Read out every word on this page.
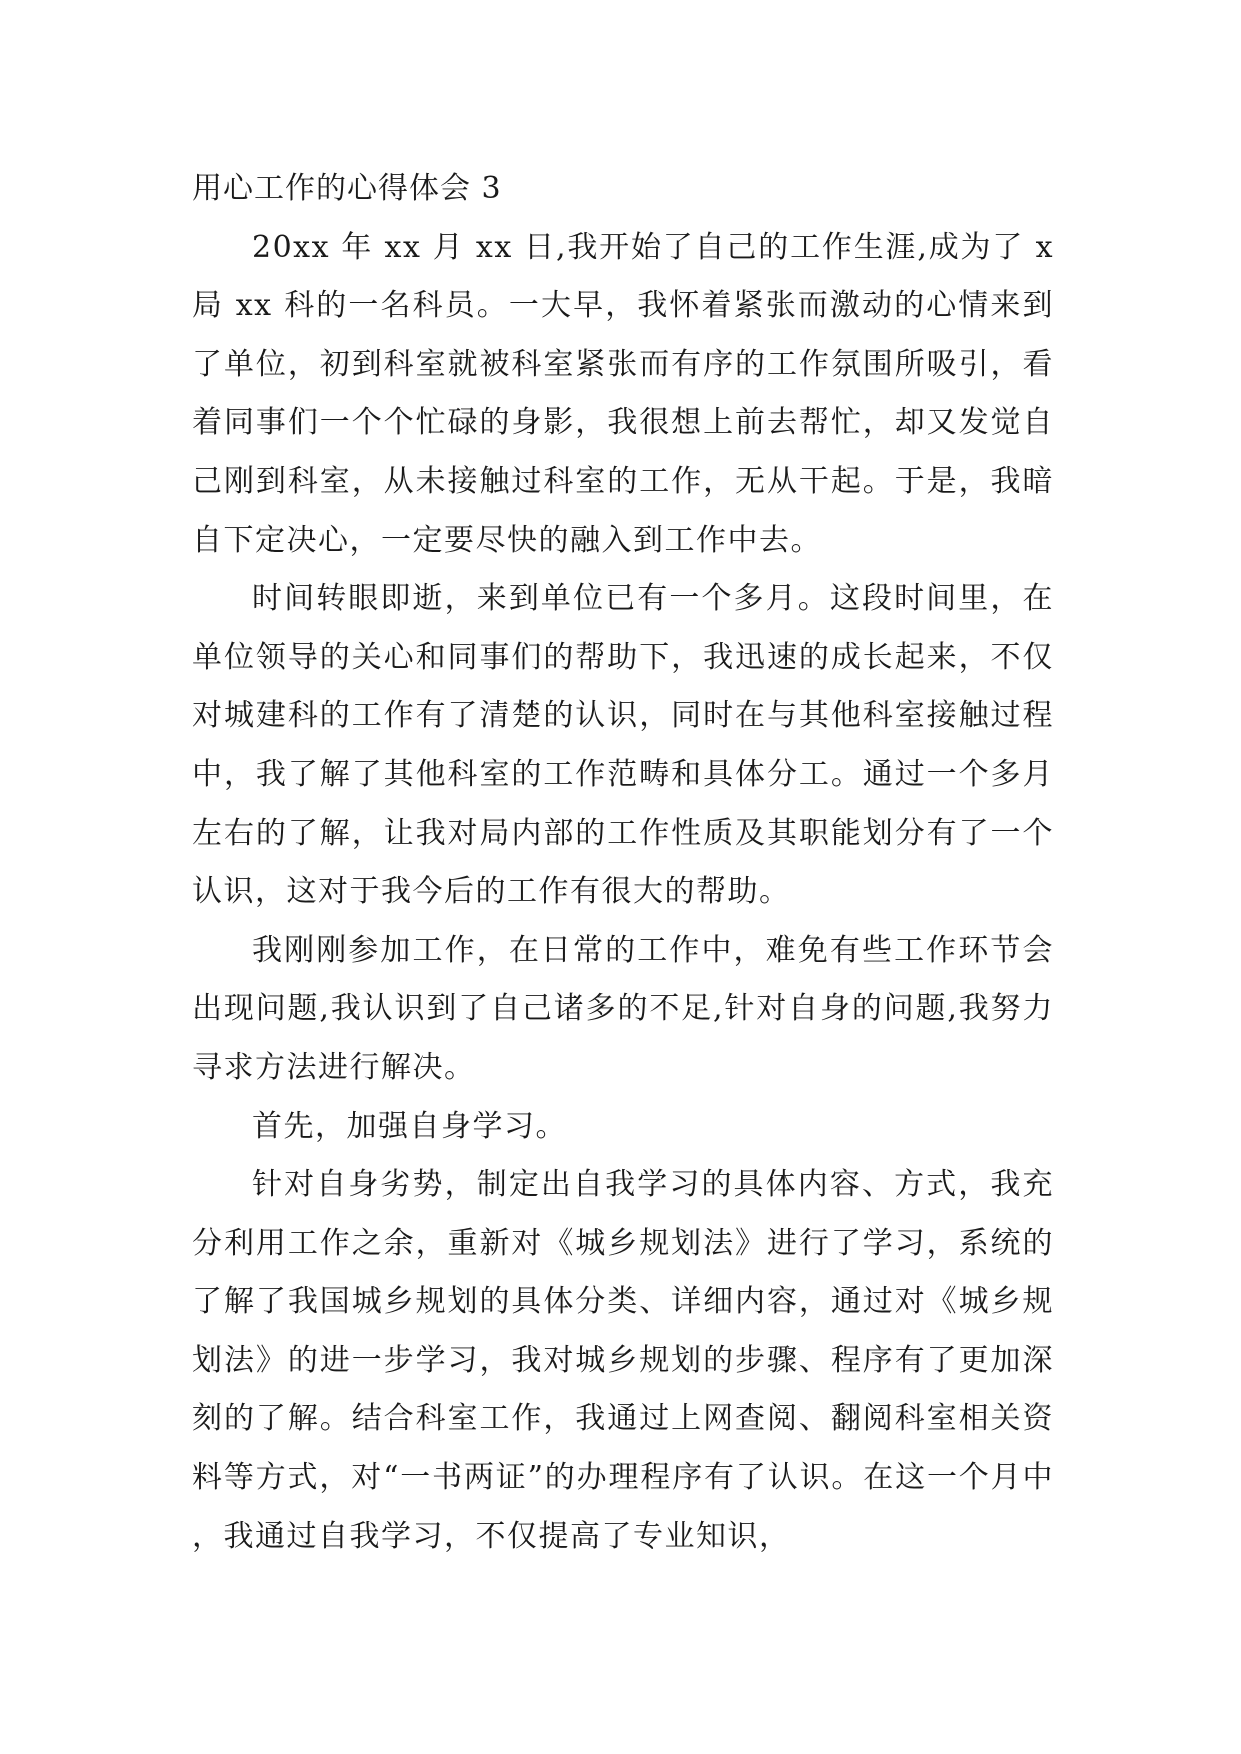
用心工作的心得体会 3

20xx 年 xx 月 xx 日,我开始了自己的工作生涯,成为了 x 局 xx 科的一名科员。一大早，我怀着紧张而激动的心情来到了单位，初到科室就被科室紧张而有序的工作氛围所吸引，看着同事们一个个忙碌的身影，我很想上前去帮忙，却又发觉自己刚到科室，从未接触过科室的工作，无从干起。于是，我暗自下定决心，一定要尽快的融入到工作中去。

时间转眼即逝，来到单位已有一个多月。这段时间里，在单位领导的关心和同事们的帮助下，我迅速的成长起来，不仅对城建科的工作有了清楚的认识，同时在与其他科室接触过程中，我了解了其他科室的工作范畴和具体分工。通过一个多月左右的了解，让我对局内部的工作性质及其职能划分有了一个认识，这对于我今后的工作有很大的帮助。

我刚刚参加工作，在日常的工作中，难免有些工作环节会出现问题,我认识到了自己诸多的不足,针对自身的问题,我努力寻求方法进行解决。

首先，加强自身学习。

针对自身劣势，制定出自我学习的具体内容、方式，我充分利用工作之余，重新对《城乡规划法》进行了学习，系统的了解了我国城乡规划的具体分类、详细内容，通过对《城乡规划法》的进一步学习，我对城乡规划的步骤、程序有了更加深刻的了解。结合科室工作，我通过上网查阅、翻阅科室相关资料等方式，对“一书两证”的办理程序有了认识。在这一个月中，我通过自我学习，不仅提高了专业知识，
